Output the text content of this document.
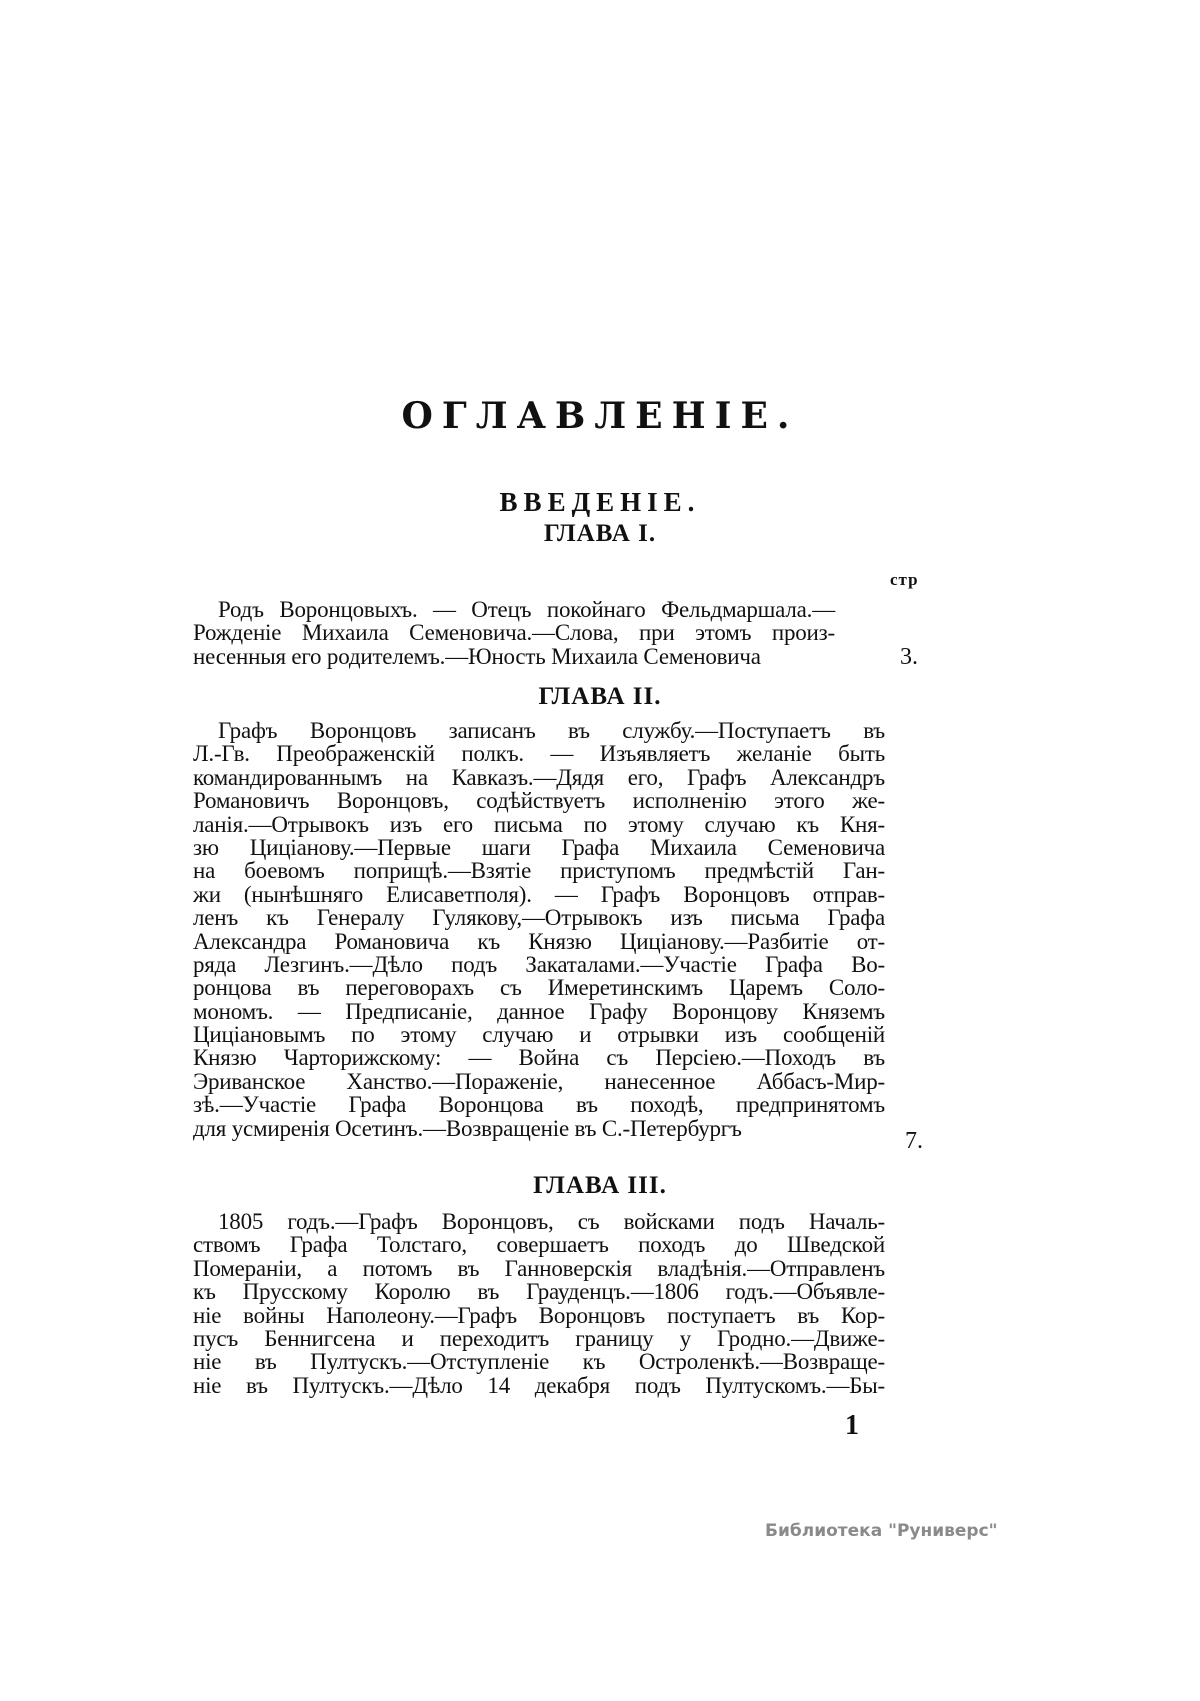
ОГЛАВЛЕНІЕ.
ВВЕДЕНІЕ.
ГЛАВА I.
стр
Родъ Воронцовыхъ. — Отецъ покойнаго Фельдмаршала.—
Рожденіе Михаила Семеновича.—Слова, при этомъ произ-
несенныя его родителемъ.—Юность Михаила Семеновича	3.
ГЛАВА II.
Графъ Воронцовъ записанъ въ службу.—Поступаетъ въ
Л.-Гв. Преображенскій полкъ. — Изъявляетъ желаніе быть
командированнымъ на Кавказъ.—Дядя его, Графъ Александръ
Романовичъ Воронцовъ, содѣйствуетъ исполненію этого же-
ланія.—Отрывокъ изъ его письма по этому случаю къ Кня-
зю Циціанову.—Первые шаги Графа Михаила Семеновича
на боевомъ поприщѣ.—Взятіе приступомъ предмѣстій Ган-
жи (нынѣшняго Елисаветполя). — Графъ Воронцовъ отправ-
ленъ къ Генералу Гулякову,—Отрывокъ изъ письма Графа
Александра Романовича къ Князю Циціанову.—Разбитіе от-
ряда Лезгинъ.—Дѣло подъ Закаталами.—Участіе Графа Во-
ронцова въ переговорахъ съ Имеретинскимъ Царемъ Соло-
мономъ. — Предписаніе, данное Графу Воронцову Княземъ
Цицiановымъ по этому случаю и отрывки изъ сообщеній
Князю Чарторижскому: — Война съ Персіею.—Походъ въ
Эриванское Ханство.—Пораженіе, нанесенное Аббасъ-Мир-
зѣ.—Участіе Графа Воронцова въ походѣ, предпринятомъ
для усмиренія Осетинъ.—Возвращеніе въ С.-Петербургъ	7.
ГЛАВА III.
1805 годъ.—Графъ Воронцовъ, съ войсками подъ Началь-
ствомъ Графа Толстаго, совершаетъ походъ до Шведской
Помераніи, а потомъ въ Ганноверскія владѣнія.—Отправленъ
къ Прусскому Королю въ Грауденцъ.—1806 годъ.—Объявле-
ніе войны Наполеону.—Графъ Воронцовъ поступаетъ въ Кор-
пусъ Беннигсена и переходитъ границу у Гродно.—Движе-
ніе въ Пултускъ.—Отступленіе къ Остроленкѣ.—Возвраще-
ніе въ Пултускъ.—Дѣло 14 декабря подъ Пултускомъ.—Бы-
1
Библиотека "Руниверс"
